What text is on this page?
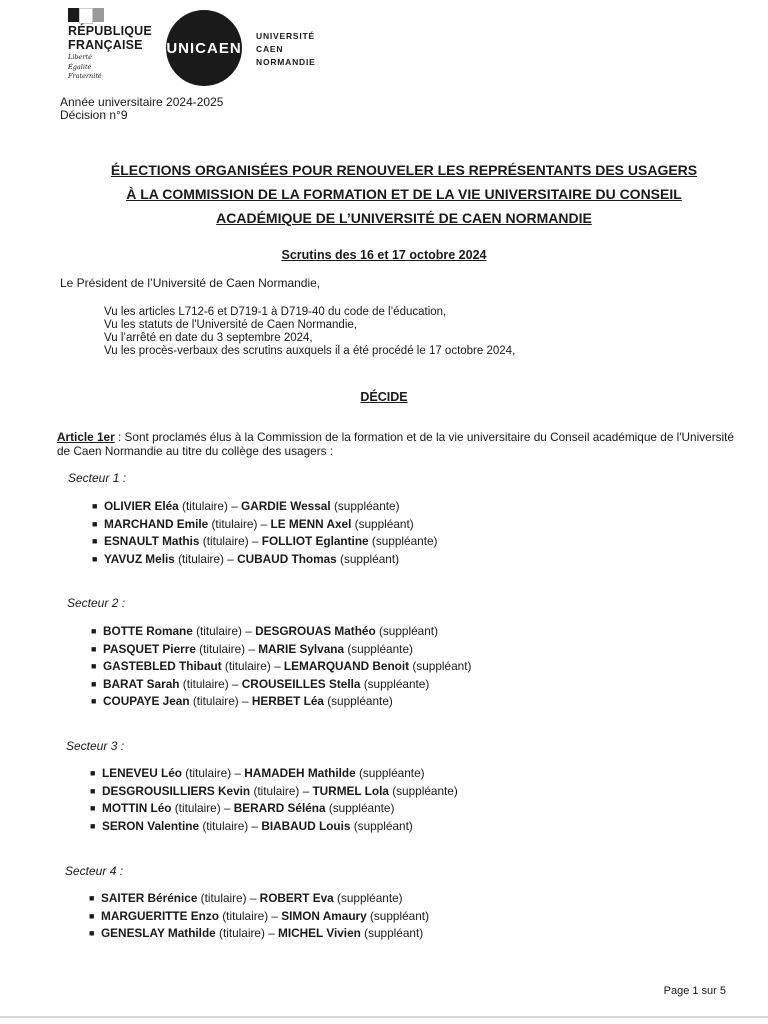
RÉPUBLIQUE
FRANÇAISE
Liberté
Égalité
Fraternité
UNICAEN
UNIVERSITÉ
CAEN
NORMANDIE
Année universitaire 2024-2025
Décision n°9
ÉLECTIONS ORGANISÉES POUR RENOUVELER LES REPRÉSENTANTS DES USAGERS
À LA COMMISSION DE LA FORMATION ET DE LA VIE UNIVERSITAIRE DU CONSEIL
ACADÉMIQUE DE L’UNIVERSITÉ DE CAEN NORMANDIE
Scrutins des 16 et 17 octobre 2024
Le Président de l’Université de Caen Normandie,
Vu les articles L712-6 et D719-1 à D719-40 du code de l’éducation,
Vu les statuts de l'Université de Caen Normandie,
Vu l’arrêté en date du 3 septembre 2024,
Vu les procès-verbaux des scrutins auxquels il a été procédé le 17 octobre 2024,
DÉCIDE
Article 1er : Sont proclamés élus à la Commission de la formation et de la vie universitaire du Conseil académique de l'Université de Caen Normandie au titre du collège des usagers :
Secteur 1 :
■ OLIVIER Eléa (titulaire) – GARDIE Wessal (suppléante)
■ MARCHAND Emile (titulaire) – LE MENN Axel (suppléant)
■ ESNAULT Mathis (titulaire) – FOLLIOT Eglantine (suppléante)
■ YAVUZ Melis (titulaire) – CUBAUD Thomas (suppléant)
Secteur 2 :
■ BOTTE Romane (titulaire) – DESGROUAS Mathéo (suppléant)
■ PASQUET Pierre (titulaire) – MARIE Sylvana (suppléante)
■ GASTEBLED Thibaut (titulaire) – LEMARQUAND Benoit (suppléant)
■ BARAT Sarah (titulaire) – CROUSEILLES Stella (suppléante)
■ COUPAYE Jean (titulaire) – HERBET Léa (suppléante)
Secteur 3 :
■ LENEVEU Léo (titulaire) – HAMADEH Mathilde (suppléante)
■ DESGROUSILLIERS Kevin (titulaire) – TURMEL Lola (suppléante)
■ MOTTIN Léo (titulaire) – BERARD Séléna (suppléante)
■ SERON Valentine (titulaire) – BIABAUD Louis (suppléant)
Secteur 4 :
■ SAITER Bérénice (titulaire) – ROBERT Eva (suppléante)
■ MARGUERITTE Enzo (titulaire) – SIMON Amaury (suppléant)
■ GENESLAY Mathilde (titulaire) – MICHEL Vivien (suppléant)
Page 1 sur 5
